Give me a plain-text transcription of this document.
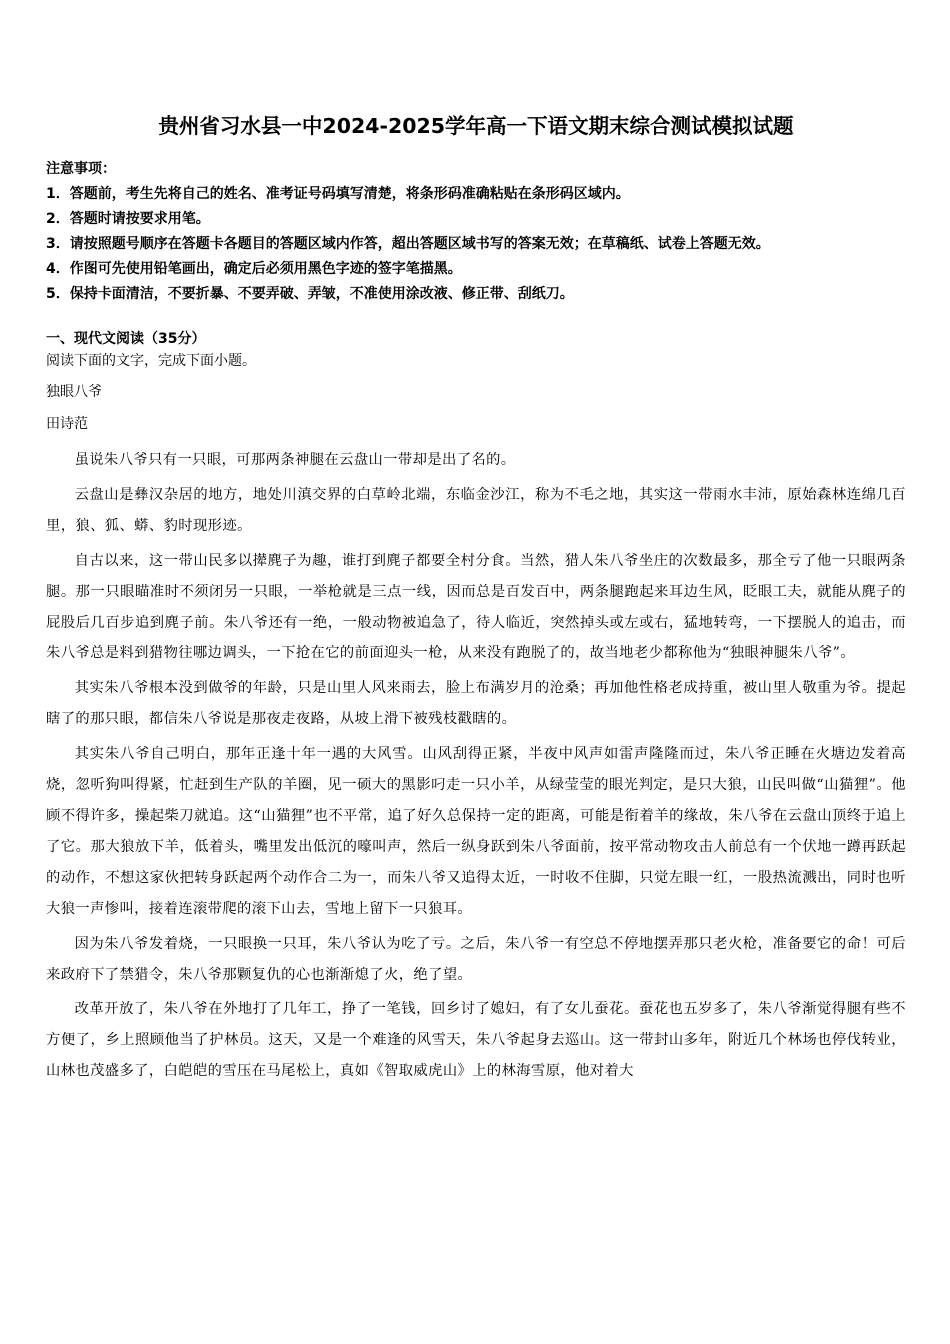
贵州省习水县一中2024-2025学年高一下语文期末综合测试模拟试题
注意事项：
1．答题前，考生先将自己的姓名、准考证号码填写清楚，将条形码准确粘贴在条形码区域内。
2．答题时请按要求用笔。
3．请按照题号顺序在答题卡各题目的答题区域内作答，超出答题区域书写的答案无效；在草稿纸、试卷上答题无效。
4．作图可先使用铅笔画出，确定后必须用黑色字迹的签字笔描黑。
5．保持卡面清洁，不要折暴、不要弄破、弄皱，不准使用涂改液、修正带、刮纸刀。
一、现代文阅读（35分）
阅读下面的文字，完成下面小题。
独眼八爷
田诗范

虽说朱八爷只有一只眼，可那两条神腿在云盘山一带却是出了名的。

云盘山是彝汉杂居的地方，地处川滇交界的白草岭北端，东临金沙江，称为不毛之地，其实这一带雨水丰沛，原始森林连绵几百里，狼、狐、蟒、豹时现形迹。

自古以来，这一带山民多以撵麂子为趣，谁打到麂子都要全村分食。当然，猎人朱八爷坐庄的次数最多，那全亏了他一只眼两条腿。那一只眼瞄准时不须闭另一只眼，一举枪就是三点一线，因而总是百发百中，两条腿跑起来耳边生风，眨眼工夫，就能从麂子的屁股后几百步追到麂子前。朱八爷还有一绝，一般动物被追急了，待人临近，突然掉头或左或右，猛地转弯，一下摆脱人的追击，而朱八爷总是料到猎物往哪边调头，一下抢在它的前面迎头一枪，从来没有跑脱了的，故当地老少都称他为“独眼神腿朱八爷”。

其实朱八爷根本没到做爷的年龄，只是山里人风来雨去，脸上布满岁月的沧桑；再加他性格老成持重，被山里人敬重为爷。提起瞎了的那只眼，都信朱八爷说是那夜走夜路，从坡上滑下被残枝戳瞎的。

其实朱八爷自己明白，那年正逢十年一遇的大风雪。山风刮得正紧，半夜中风声如雷声隆隆而过，朱八爷正睡在火塘边发着高烧，忽听狗叫得紧，忙赶到生产队的羊圈，见一硕大的黑影叼走一只小羊，从绿莹莹的眼光判定，是只大狼，山民叫做“山猫狸”。他顾不得许多，操起柴刀就追。这“山猫狸”也不平常，追了好久总保持一定的距离，可能是衔着羊的缘故，朱八爷在云盘山顶终于追上了它。那大狼放下羊，低着头，嘴里发出低沉的嚎叫声，然后一纵身跃到朱八爷面前，按平常动物攻击人前总有一个伏地一蹲再跃起的动作，不想这家伙把转身跃起两个动作合二为一，而朱八爷又追得太近，一时收不住脚，只觉左眼一红，一股热流溅出，同时也听大狼一声惨叫，接着连滚带爬的滚下山去，雪地上留下一只狼耳。

因为朱八爷发着烧，一只眼换一只耳，朱八爷认为吃了亏。之后，朱八爷一有空总不停地摆弄那只老火枪，准备要它的命！可后来政府下了禁猎令，朱八爷那颗复仇的心也渐渐熄了火，绝了望。

改革开放了，朱八爷在外地打了几年工，挣了一笔钱，回乡讨了媳妇，有了女儿蚕花。蚕花也五岁多了，朱八爷渐觉得腿有些不方便了，乡上照顾他当了护林员。这天，又是一个难逢的风雪天，朱八爷起身去巡山。这一带封山多年，附近几个林场也停伐转业，山林也茂盛多了，白皑皑的雪压在马尾松上，真如《智取威虎山》上的林海雪原，他对着大
